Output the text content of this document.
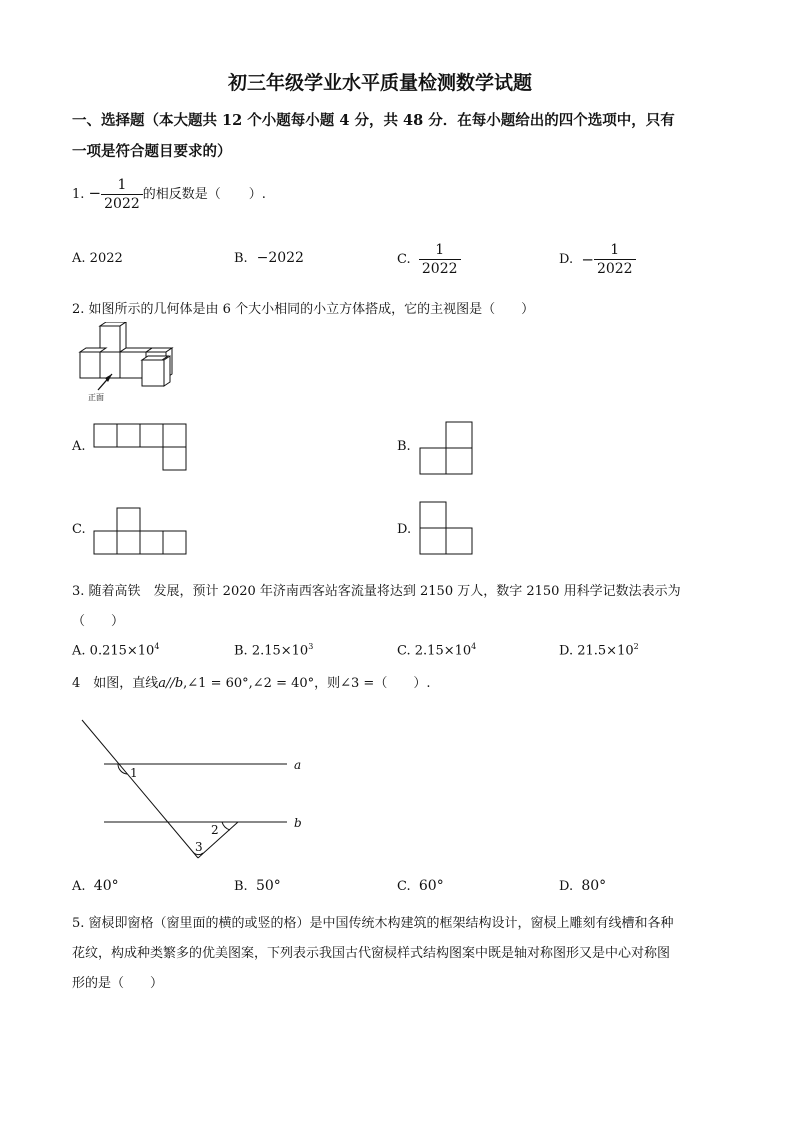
初三年级学业水平质量检测数学试题
一、选择题（本大题共 12 个小题每小题 4 分，共 48 分．在每小题给出的四个选项中，只有
一项是符合题目要求的）
1. − $\frac{1}{2022}$ 的相反数是（ ）.
A. 2022	B. −2022	C. $\frac{1}{2022}$	D. − $\frac{1}{2022}$
2. 如图所示的几何体是由 6 个大小相同的小立方体搭成，它的主视图是（　　）
正面
A.	B.
C.	D.
3. 随着高铁　发展，预计 2020 年济南西客站客流量将达到 2150 万人，数字 2150 用科学记数法表示为
（　　）
A. $0.215\times 10^4$	B. $2.15\times 10^3$	C. $2.15\times 10^4$	D. $21.5\times 10^2$
4　如图，直线a//b,∠1 = 60°,∠2 = 40°，则∠3 =（　　）.
1
2
3
a
b
A. 40°	B. 50°	C. 60°	D. 80°
5. 窗棂即窗格（窗里面的横的或竖的格）是中国传统木构建筑的框架结构设计，窗棂上雕刻有线槽和各种
花纹，构成种类繁多的优美图案，下列表示我国古代窗棂样式结构图案中既是轴对称图形又是中心对称图
形的是（　　）
